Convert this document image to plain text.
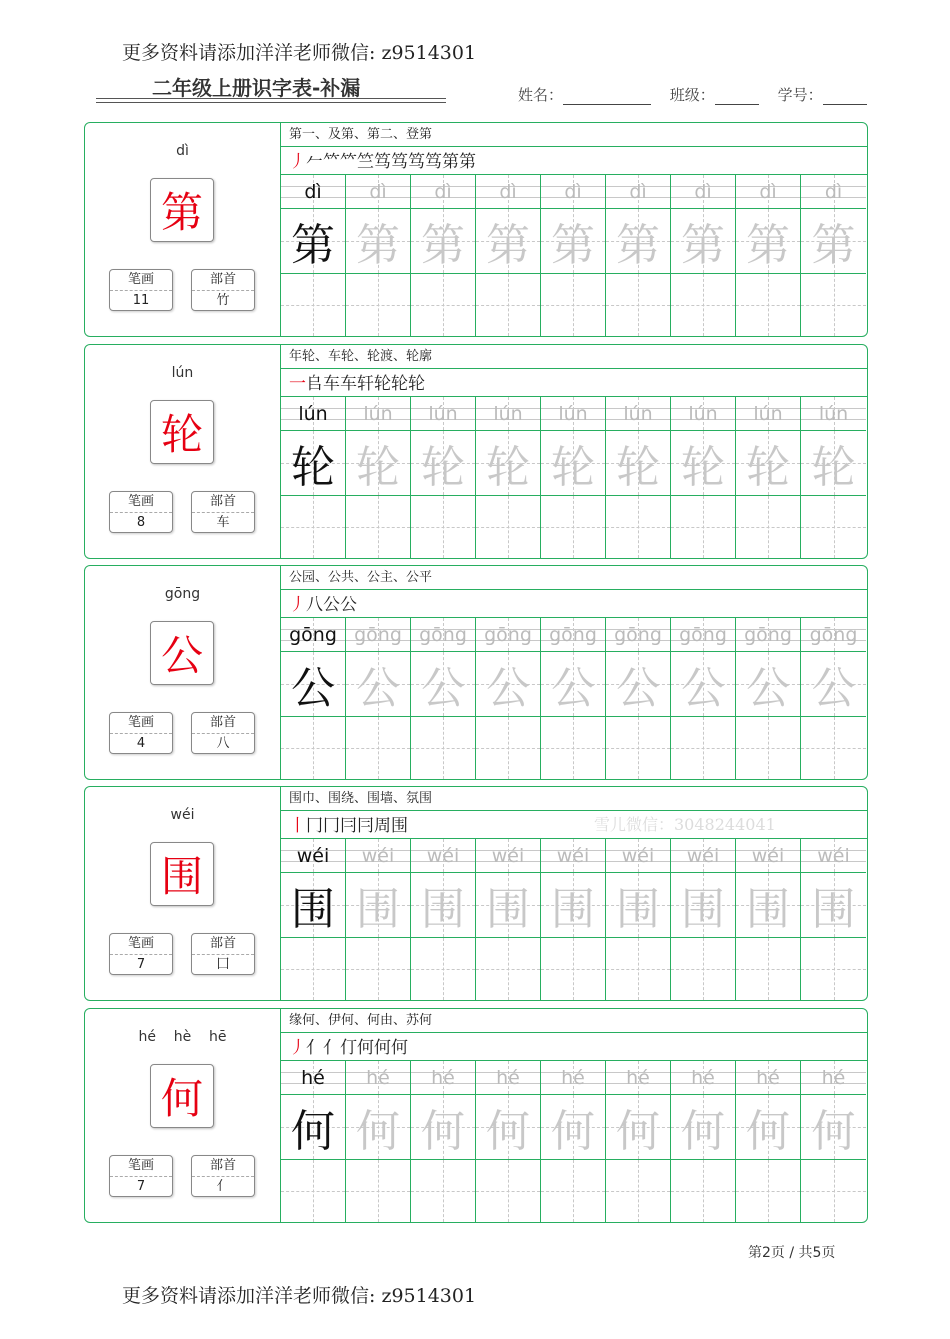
更多资料请添加洋洋老师微信: z9514301
二年级上册识字表-补漏	姓名：	班级：	学号：
dì
第
笔画
11
部首
竹
第一、及第、第二、登第
丿𠂉𥫗𥫗竺笃笃笃笃第第
dì
第
dì
第
dì
第
dì
第
dì
第
dì
第
dì
第
dì
第
dì
第
lún
轮
笔画
8
部首
车
年轮、车轮、轮渡、轮廓
一𠂤车车轩轮轮轮
lún
轮
lún
轮
lún
轮
lún
轮
lún
轮
lún
轮
lún
轮
lún
轮
lún
轮
gōng
公
笔画
4
部首
八
公园、公共、公主、公平
丿八公公
gōng
公
gōng
公
gōng
公
gōng
公
gōng
公
gōng
公
gōng
公
gōng
公
gōng
公
wéi
围
笔画
7
部首
囗
围巾、围绕、围墙、氛围
丨冂冂冃冃周围
wéi
围
wéi
围
wéi
围
wéi
围
wéi
围
wéi
围
wéi
围
wéi
围
wéi
围
hé    hè    hē
何
笔画
7
部首
亻
缘何、伊何、何由、苏何
丿亻亻仃何何何
hé
何
hé
何
hé
何
hé
何
hé
何
hé
何
hé
何
hé
何
hé
何
雪儿微信：3048244041
第2页 / 共5页
更多资料请添加洋洋老师微信: z9514301
